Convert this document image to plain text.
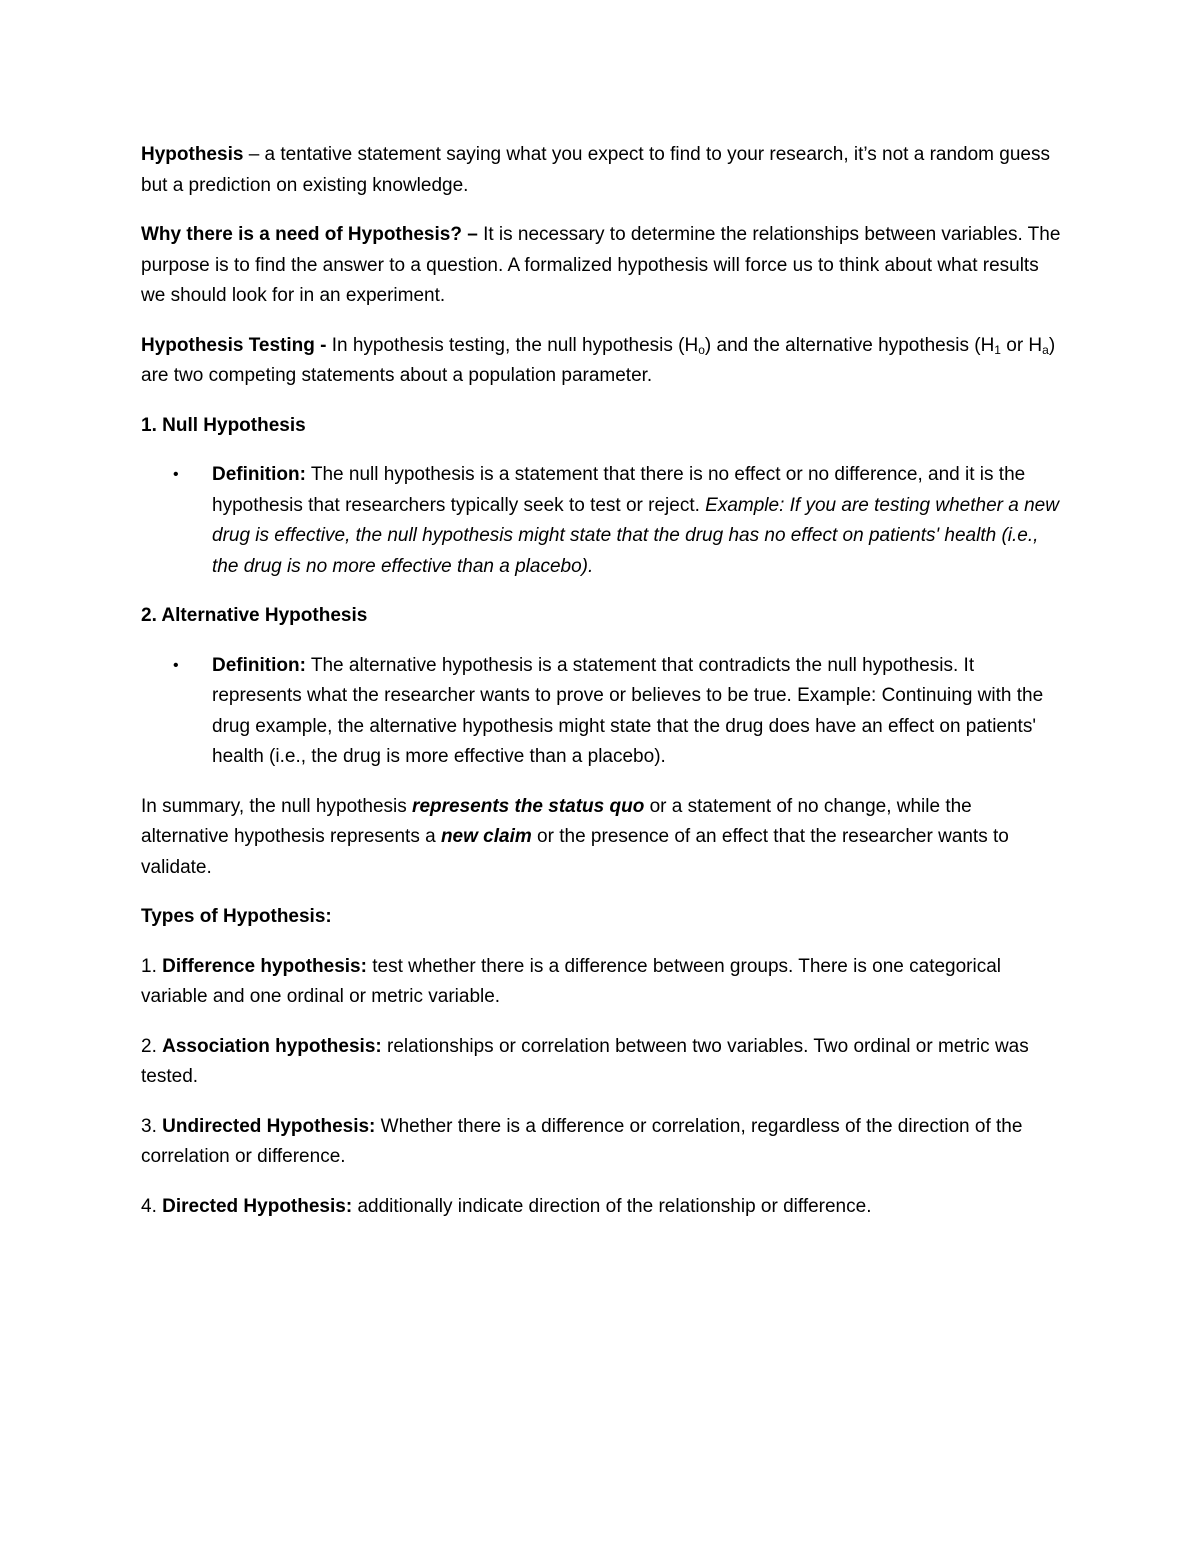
Hypothesis – a tentative statement saying what you expect to find to your research, it’s not a random guess but a prediction on existing knowledge.

Why there is a need of Hypothesis? – It is necessary to determine the relationships between variables. The purpose is to find the answer to a question. A formalized hypothesis will force us to think about what results we should look for in an experiment.

Hypothesis Testing - In hypothesis testing, the null hypothesis $(H_o)$ and the alternative hypothesis ($H_1$ or $H_a$) are two competing statements about a population parameter.

1. Null Hypothesis

• Definition: The null hypothesis is a statement that there is no effect or no difference, and it is the hypothesis that researchers typically seek to test or reject. Example: If you are testing whether a new drug is effective, the null hypothesis might state that the drug has no effect on patients' health (i.e., the drug is no more effective than a placebo).

2. Alternative Hypothesis

• Definition: The alternative hypothesis is a statement that contradicts the null hypothesis. It represents what the researcher wants to prove or believes to be true. Example: Continuing with the drug example, the alternative hypothesis might state that the drug does have an effect on patients' health (i.e., the drug is more effective than a placebo).

In summary, the null hypothesis represents the status quo or a statement of no change, while the alternative hypothesis represents a new claim or the presence of an effect that the researcher wants to validate.

Types of Hypothesis:

1. Difference hypothesis: test whether there is a difference between groups. There is one categorical variable and one ordinal or metric variable.

2. Association hypothesis: relationships or correlation between two variables. Two ordinal or metric was tested.

3. Undirected Hypothesis: Whether there is a difference or correlation, regardless of the direction of the correlation or difference.

4. Directed Hypothesis: additionally indicate direction of the relationship or difference.
